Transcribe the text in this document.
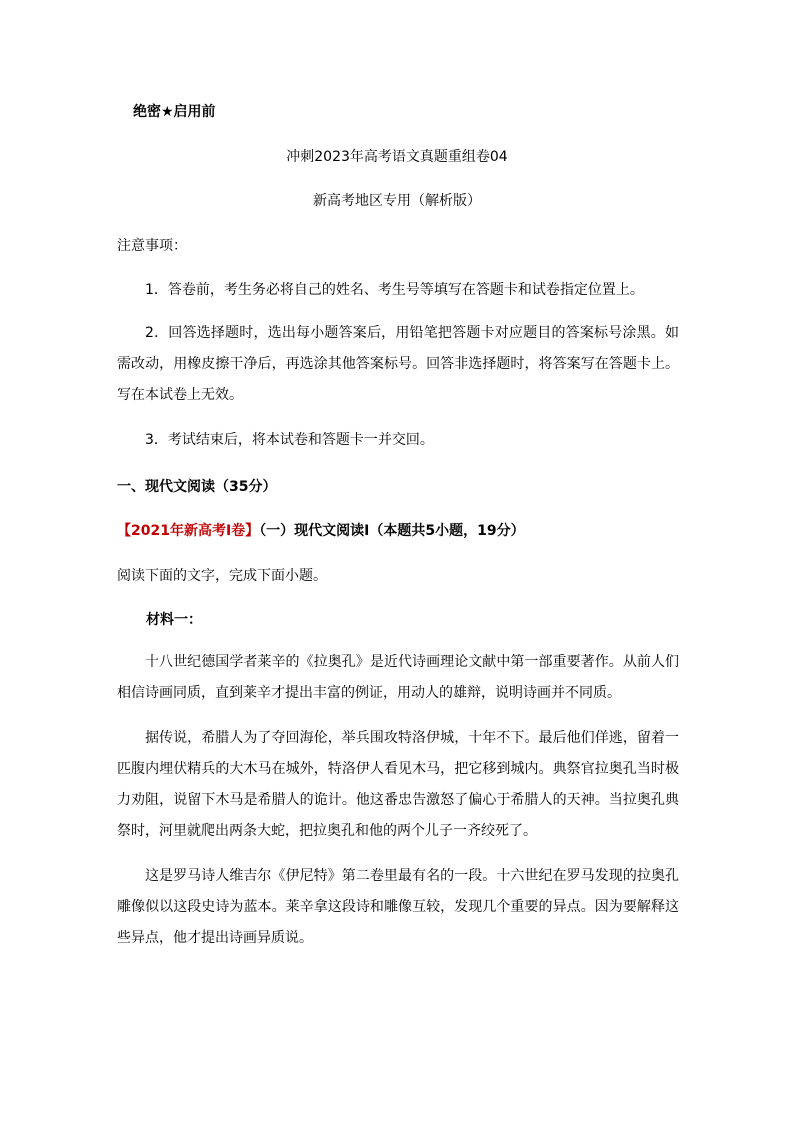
绝密★启用前
冲刺2023年高考语文真题重组卷04
新高考地区专用（解析版）
注意事项：
1．答卷前，考生务必将自己的姓名、考生号等填写在答题卡和试卷指定位置上。
2．回答选择题时，选出每小题答案后，用铅笔把答题卡对应题目的答案标号涂黑。如需改动，用橡皮擦干净后，再选涂其他答案标号。回答非选择题时，将答案写在答题卡上。写在本试卷上无效。
3．考试结束后，将本试卷和答题卡一并交回。
一、现代文阅读（35分）
【2021年新高考Ⅰ卷】（一）现代文阅读Ⅰ（本题共5小题，19分）
阅读下面的文字，完成下面小题。
材料一：
十八世纪德国学者莱辛的《拉奥孔》是近代诗画理论文献中第一部重要著作。从前人们相信诗画同质，直到莱辛才提出丰富的例证，用动人的雄辩，说明诗画并不同质。
据传说，希腊人为了夺回海伦，举兵围攻特洛伊城，十年不下。最后他们佯逃，留着一匹腹内埋伏精兵的大木马在城外，特洛伊人看见木马，把它移到城内。典祭官拉奥孔当时极力劝阻，说留下木马是希腊人的诡计。他这番忠告激怒了偏心于希腊人的天神。当拉奥孔典祭时，河里就爬出两条大蛇，把拉奥孔和他的两个儿子一齐绞死了。
这是罗马诗人维吉尔《伊尼特》第二卷里最有名的一段。十六世纪在罗马发现的拉奥孔雕像似以这段史诗为蓝本。莱辛拿这段诗和雕像互较，发现几个重要的异点。因为要解释这些异点，他才提出诗画异质说。
